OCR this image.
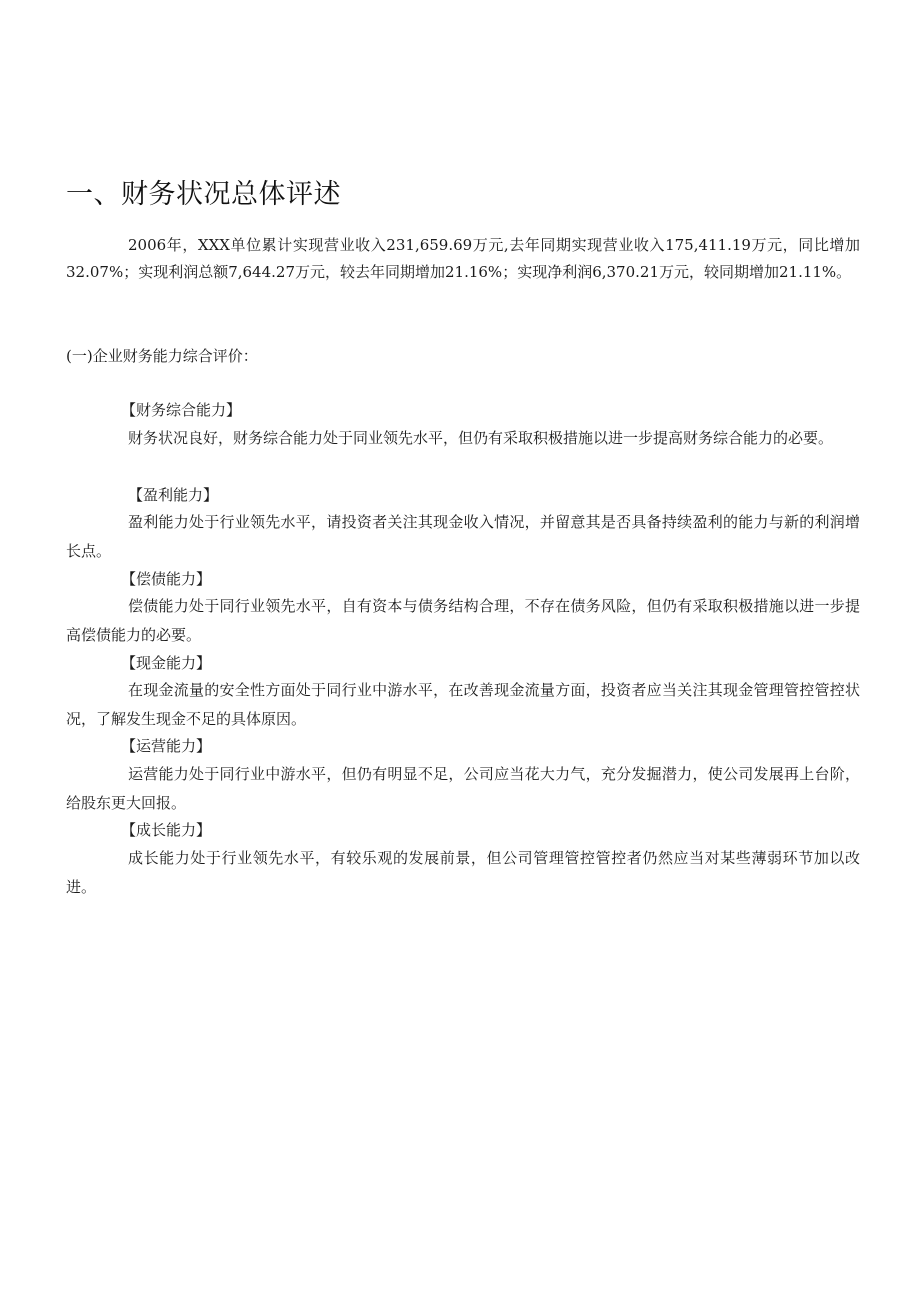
一、财务状况总体评述

2006年，XXX单位累计实现营业收入231,659.69万元,去年同期实现营业收入175,411.19万元，同比增加32.07%；实现利润总额7,644.27万元，较去年同期增加21.16%；实现净利润6,370.21万元，较同期增加21.11%。

(一)企业财务能力综合评价：

【财务综合能力】

财务状况良好，财务综合能力处于同业领先水平，但仍有采取积极措施以进一步提高财务综合能力的必要。

【盈利能力】

盈利能力处于行业领先水平，请投资者关注其现金收入情况，并留意其是否具备持续盈利的能力与新的利润增长点。

【偿债能力】

偿债能力处于同行业领先水平，自有资本与债务结构合理，不存在债务风险，但仍有采取积极措施以进一步提高偿债能力的必要。

【现金能力】

在现金流量的安全性方面处于同行业中游水平，在改善现金流量方面，投资者应当关注其现金管理管控管控状况，了解发生现金不足的具体原因。

【运营能力】

运营能力处于同行业中游水平，但仍有明显不足，公司应当花大力气，充分发掘潜力，使公司发展再上台阶，给股东更大回报。

【成长能力】

成长能力处于行业领先水平，有较乐观的发展前景，但公司管理管控管控者仍然应当对某些薄弱环节加以改进。
